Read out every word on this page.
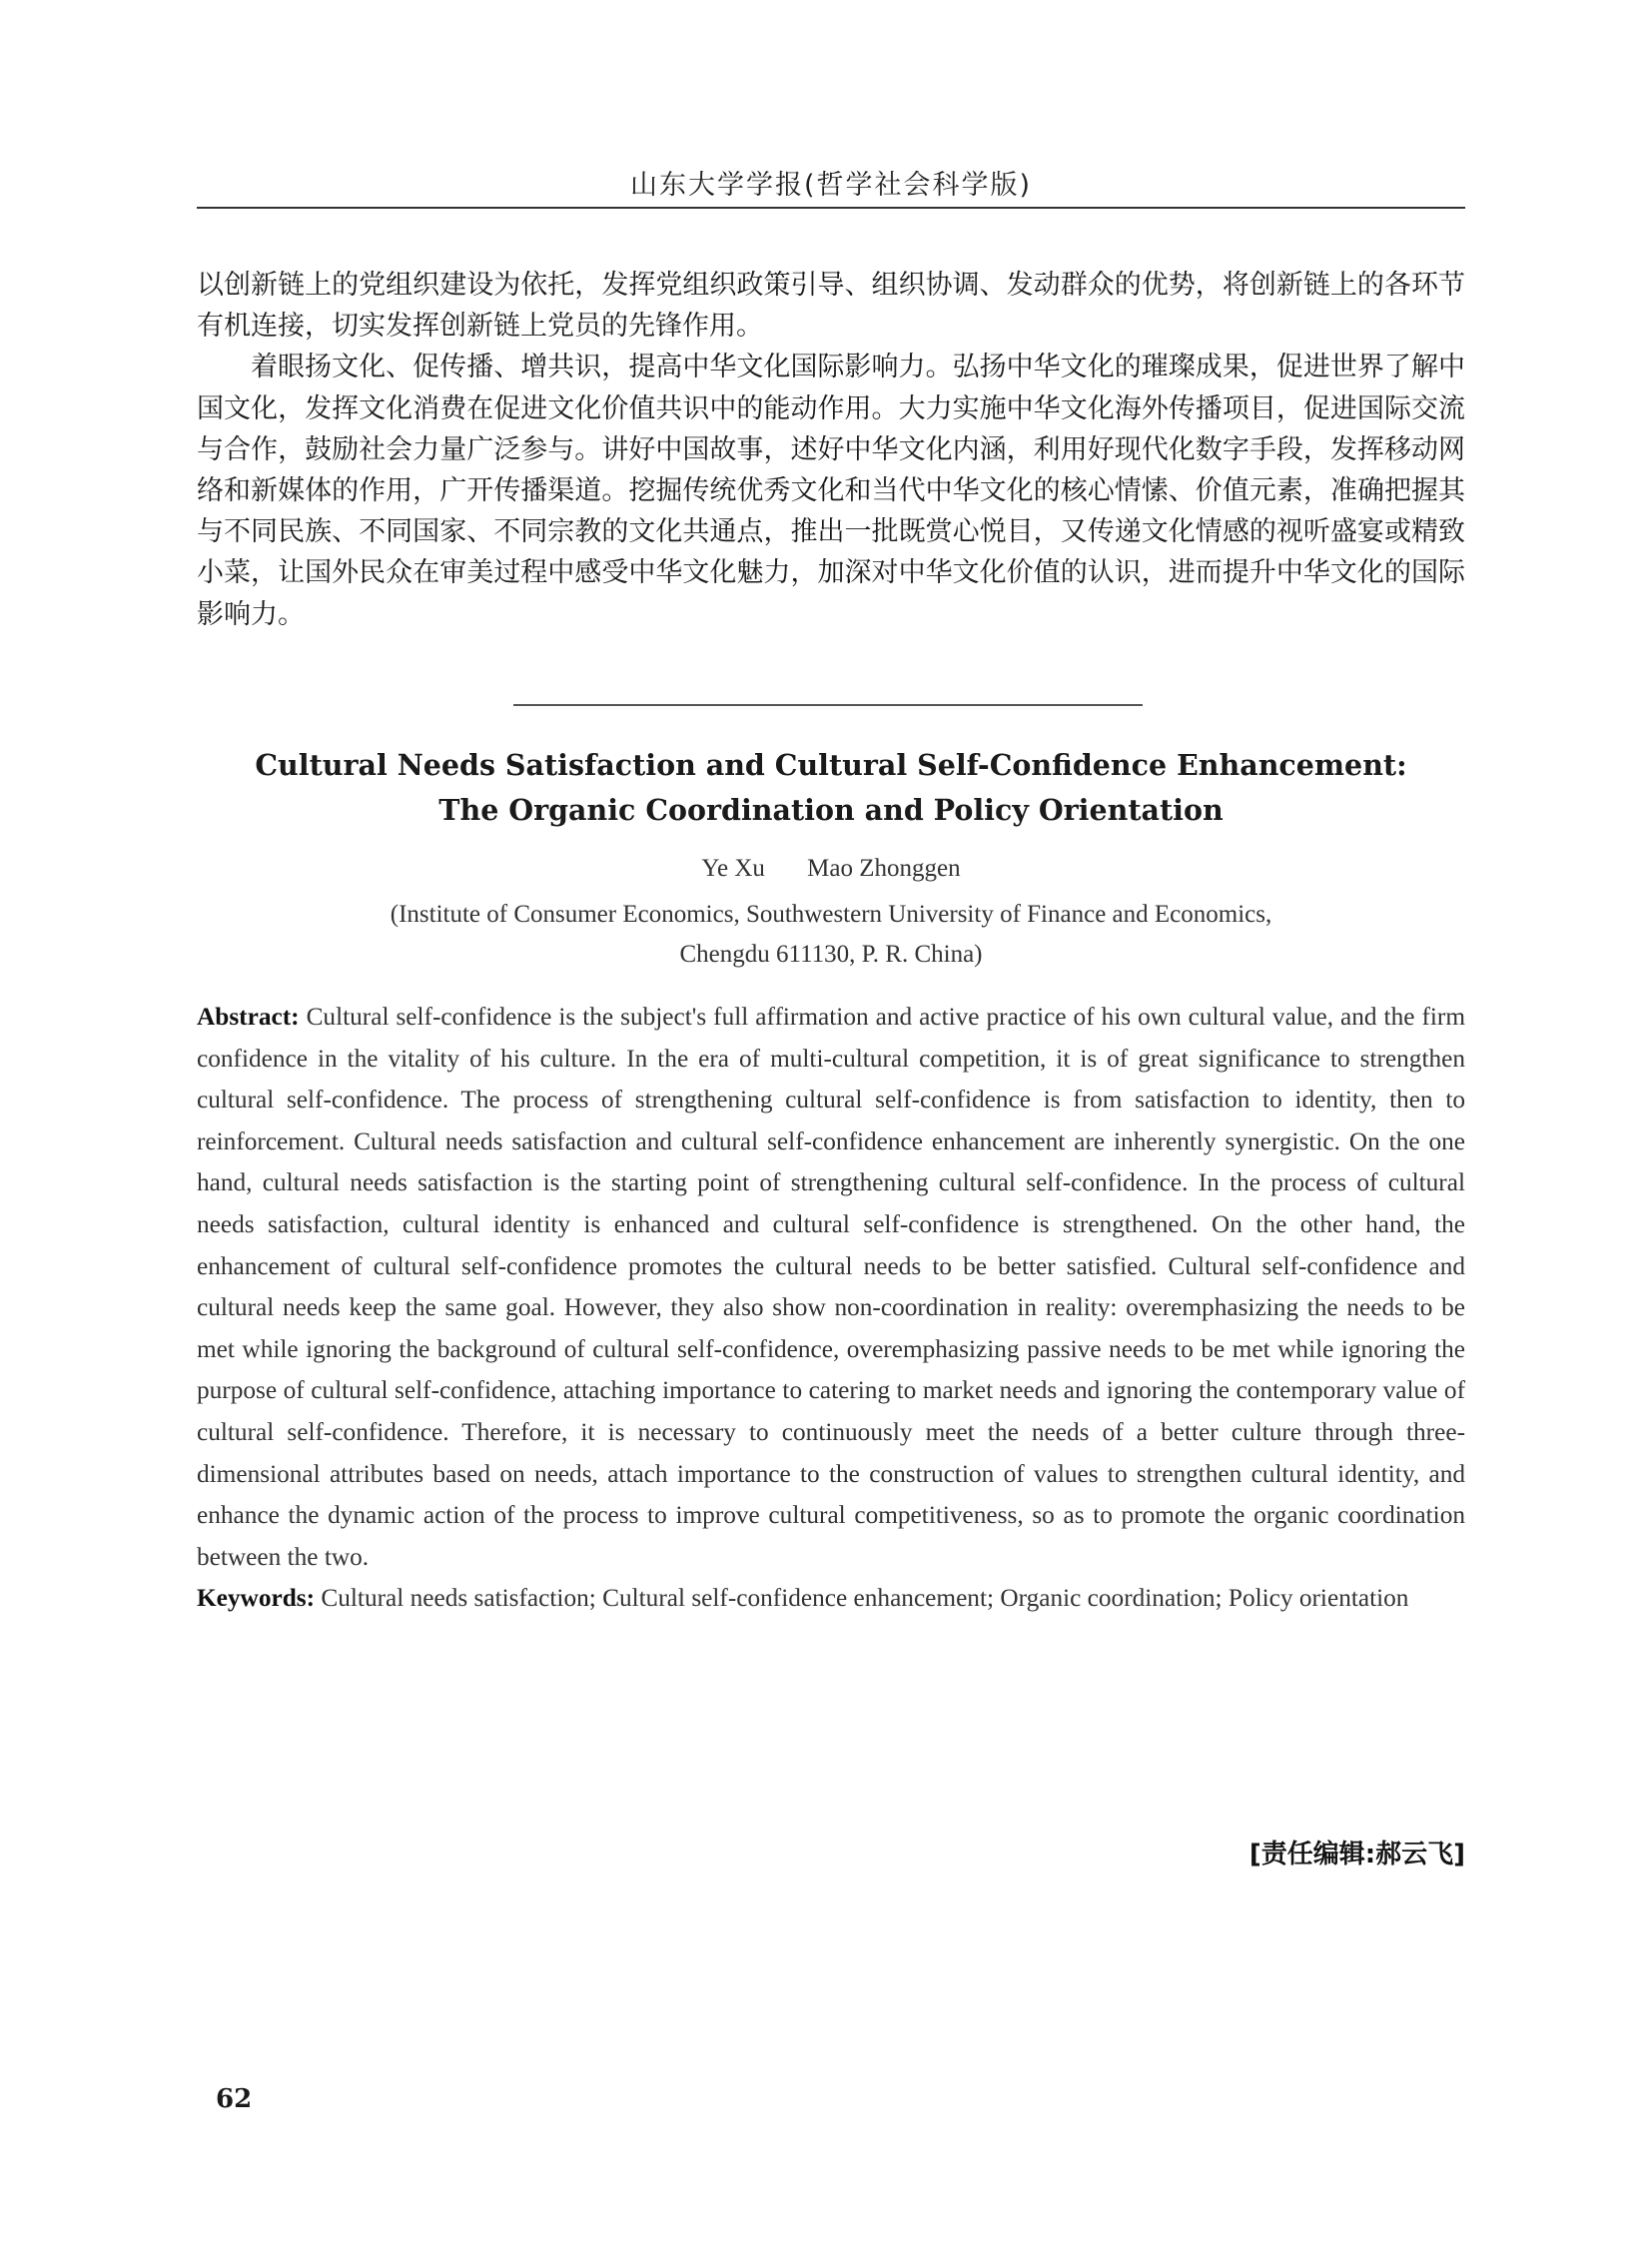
山东大学学报(哲学社会科学版)

以创新链上的党组织建设为依托，发挥党组织政策引导、组织协调、发动群众的优势，将创新链上的各环节有机连接，切实发挥创新链上党员的先锋作用。

着眼扬文化、促传播、增共识，提高中华文化国际影响力。弘扬中华文化的璀璨成果，促进世界了解中国文化，发挥文化消费在促进文化价值共识中的能动作用。大力实施中华文化海外传播项目，促进国际交流与合作，鼓励社会力量广泛参与。讲好中国故事，述好中华文化内涵，利用好现代化数字手段，发挥移动网络和新媒体的作用，广开传播渠道。挖掘传统优秀文化和当代中华文化的核心情愫、价值元素，准确把握其与不同民族、不同国家、不同宗教的文化共通点，推出一批既赏心悦目，又传递文化情感的视听盛宴或精致小菜，让国外民众在审美过程中感受中华文化魅力，加深对中华文化价值的认识，进而提升中华文化的国际影响力。

Cultural Needs Satisfaction and Cultural Self-Confidence Enhancement:
The Organic Coordination and Policy Orientation
Ye Xu Mao Zhonggen
(Institute of Consumer Economics, Southwestern University of Finance and Economics,
Chengdu 611130, P. R. China)
Abstract: Cultural self-confidence is the subject's full affirmation and active practice of his own cultural value, and the firm confidence in the vitality of his culture. In the era of multi-cultural competition, it is of great significance to strengthen cultural self-confidence. The process of strengthening cultural self-confidence is from satisfaction to identity, then to reinforcement. Cultural needs satisfaction and cultural self-confidence enhancement are inherently synergistic. On the one hand, cultural needs satisfaction is the starting point of strengthening cultural self-confidence. In the process of cultural needs satisfaction, cultural identity is enhanced and cultural self-confidence is strengthened. On the other hand, the enhancement of cultural self-confidence promotes the cultural needs to be better satisfied. Cultural self-confidence and cultural needs keep the same goal. However, they also show non-coordination in reality: overemphasizing the needs to be met while ignoring the background of cultural self-confidence, overemphasizing passive needs to be met while ignoring the purpose of cultural self-confidence, attaching importance to catering to market needs and ignoring the contemporary value of cultural self-confidence. Therefore, it is necessary to continuously meet the needs of a better culture through three-dimensional attributes based on needs, attach importance to the construction of values to strengthen cultural identity, and enhance the dynamic action of the process to improve cultural competitiveness, so as to promote the organic coordination between the two.
Keywords: Cultural needs satisfaction; Cultural self-confidence enhancement; Organic coordination; Policy orientation
[责任编辑:郝云飞]
62
